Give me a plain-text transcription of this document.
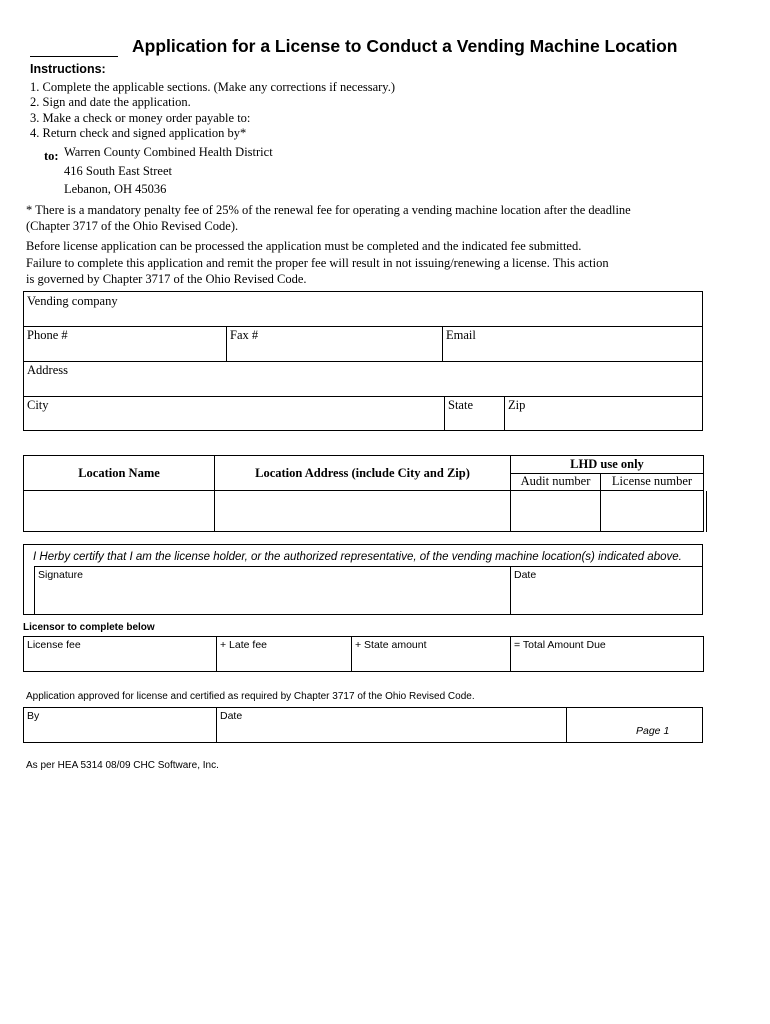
Application for a License to Conduct a Vending Machine Location
Instructions:
1. Complete the applicable sections. (Make any corrections if necessary.)
2. Sign and date the application.
3. Make a check or money order payable to:
4. Return check and signed application by*
to: Warren County Combined Health District
416 South East Street
Lebanon, OH 45036
* There is a mandatory penalty fee of 25% of the renewal fee for operating a vending machine location after the deadline
(Chapter 3717 of the Ohio Revised Code).
Before license application can be processed the application must be completed and the indicated fee submitted.
Failure to complete this application and remit the proper fee will result in not issuing/renewing a license. This action
is governed by Chapter 3717 of the Ohio Revised Code.
Vending company
Phone #	Fax #	Email
Address
City	State	Zip
Location Name	Location Address (include City and Zip)
LHD use only
Audit number	License number
I Herby certify that I am the license holder, or the authorized representative, of the vending machine location(s) indicated above.
Signature	Date
Licensor to complete below
License fee	+ Late fee	+ State amount	= Total Amount Due
Application approved for license and certified as required by Chapter 3717 of the Ohio Revised Code.
By	Date
Page 1
As per HEA 5314 08/09 CHC Software, Inc.
